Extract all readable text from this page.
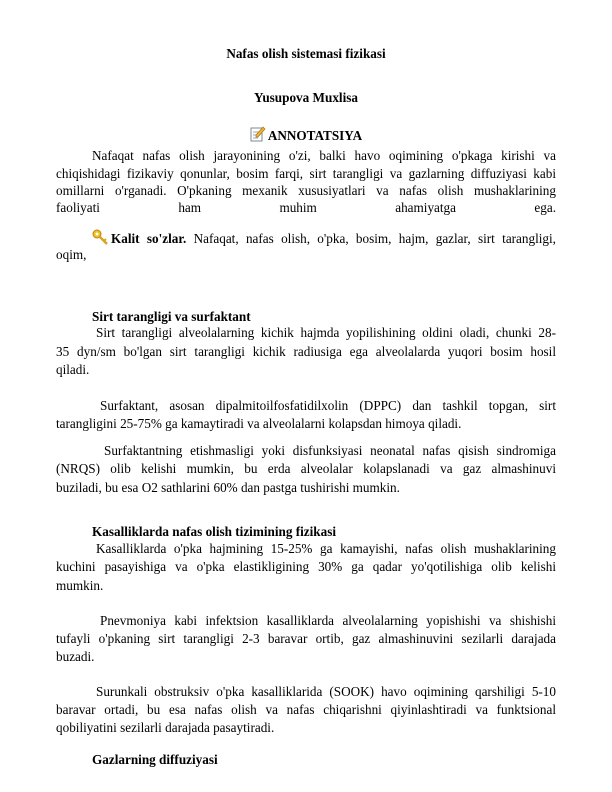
Nafas olish sistemasi fizikasi
Yusupova Muxlisa
ANNOTATSIYA
Nafaqat nafas olish jarayonining o'zi, balki havo oqimining o'pkaga kirishi va
chiqishidagi fizikaviy qonunlar, bosim farqi, sirt tarangligi va gazlarning diffuziyasi kabi
omillarni o'rganadi. O'pkaning mexanik xususiyatlari va nafas olish mushaklarining
faoliyati ham muhim ahamiyatga ega.
Kalit so'zlar. Nafaqat, nafas olish, o'pka, bosim, hajm, gazlar, sirt tarangligi,
oqim,
Sirt tarangligi va surfaktant
Sirt tarangligi alveolalarning kichik hajmda yopilishining oldini oladi, chunki 28-
35 dyn/sm bo'lgan sirt tarangligi kichik radiusiga ega alveolalarda yuqori bosim hosil
qiladi.
Surfaktant, asosan dipalmitoilfosfatidilxolin (DPPC) dan tashkil topgan, sirt
tarangligini 25-75% ga kamaytiradi va alveolalarni kolapsdan himoya qiladi.
Surfaktantning etishmasligi yoki disfunksiyasi neonatal nafas qisish sindromiga
(NRQS) olib kelishi mumkin, bu erda alveolalar kolapslanadi va gaz almashinuvi
buziladi, bu esa O2 sathlarini 60% dan pastga tushirishi mumkin.
Kasalliklarda nafas olish tizimining fizikasi
Kasalliklarda o'pka hajmining 15-25% ga kamayishi, nafas olish mushaklarining
kuchini pasayishiga va o'pka elastikligining 30% ga qadar yo'qotilishiga olib kelishi
mumkin.
Pnevmoniya kabi infektsion kasalliklarda alveolalarning yopishishi va shishishi
tufayli o'pkaning sirt tarangligi 2-3 baravar ortib, gaz almashinuvini sezilarli darajada
buzadi.
Surunkali obstruksiv o'pka kasalliklarida (SOOK) havo oqimining qarshiligi 5-10
baravar ortadi, bu esa nafas olish va nafas chiqarishni qiyinlashtiradi va funktsional
qobiliyatini sezilarli darajada pasaytiradi.
Gazlarning diffuziyasi
